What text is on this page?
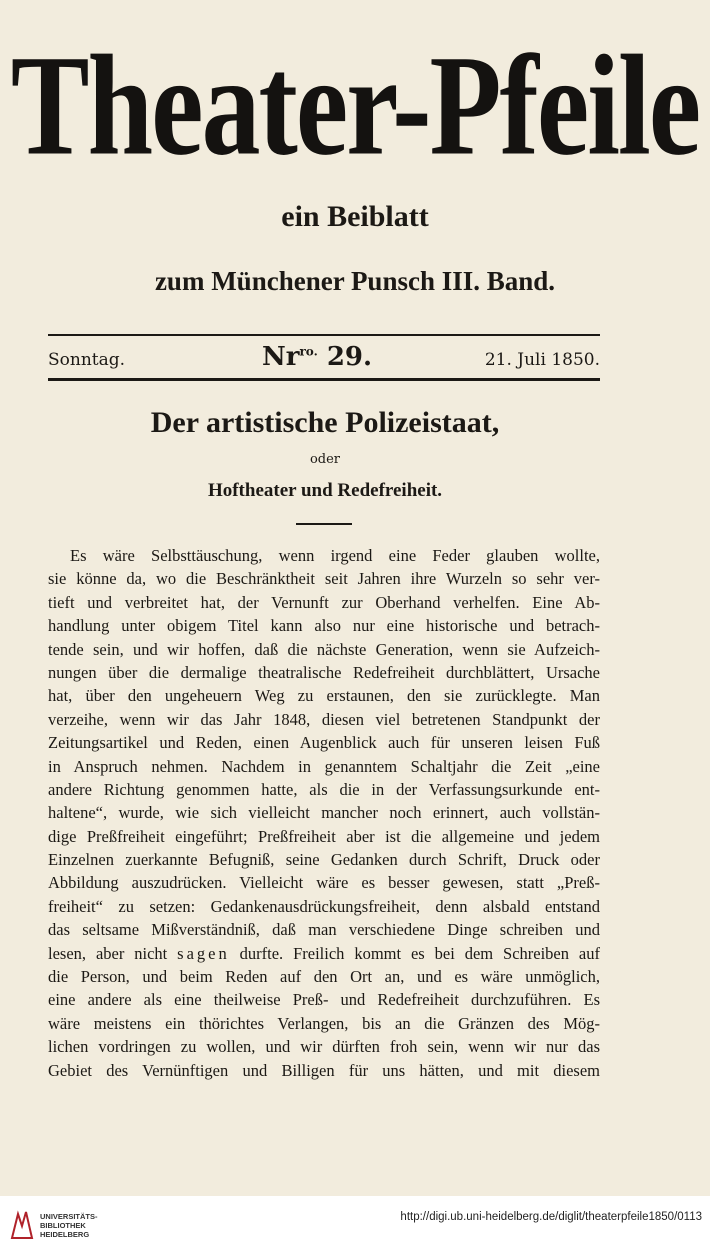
Theater-Pfeile
ein Beiblatt
zum Münchener Punsch III. Band.
Sonntag.	$Nr^{ro.}$ 29.	21. Juli 1850.
Der artistische Polizeistaat,
oder
Hoftheater und Redefreiheit.
Es wäre Selbsttäuschung, wenn irgend eine Feder glauben wollte,
sie könne da, wo die Beschränktheit seit Jahren ihre Wurzeln so sehr ver-
tieft und verbreitet hat, der Vernunft zur Oberhand verhelfen. Eine Ab-
handlung unter obigem Titel kann also nur eine historische und betrach-
tende sein, und wir hoffen, daß die nächste Generation, wenn sie Aufzeich-
nungen über die dermalige theatralische Redefreiheit durchblättert, Ursache
hat, über den ungeheuern Weg zu erstaunen, den sie zurücklegte. Man
verzeihe, wenn wir das Jahr 1848, diesen viel betretenen Standpunkt der
Zeitungsartikel und Reden, einen Augenblick auch für unseren leisen Fuß
in Anspruch nehmen. Nachdem in genanntem Schaltjahr die Zeit „eine
andere Richtung genommen hatte, als die in der Verfassungsurkunde ent-
haltene“, wurde, wie sich vielleicht mancher noch erinnert, auch vollstän-
dige Preßfreiheit eingeführt; Preßfreiheit aber ist die allgemeine und jedem
Einzelnen zuerkannte Befugniß, seine Gedanken durch Schrift, Druck oder
Abbildung auszudrücken. Vielleicht wäre es besser gewesen, statt „Preß-
freiheit“ zu setzen: Gedankenausdrückungsfreiheit, denn alsbald entstand
das seltsame Mißverständniß, daß man verschiedene Dinge schreiben und
lesen, aber nicht sagen durfte. Freilich kommt es bei dem Schreiben auf
die Person, und beim Reden auf den Ort an, und es wäre unmöglich,
eine andere als eine theilweise Preß- und Redefreiheit durchzuführen. Es
wäre meistens ein thörichtes Verlangen, bis an die Gränzen des Mög-
lichen vordringen zu wollen, und wir dürften froh sein, wenn wir nur das
Gebiet des Vernünftigen und Billigen für uns hätten, und mit diesem
UNIVERSITÄTS-
BIBLIOTHEK
HEIDELBERG
http://digi.ub.uni-heidelberg.de/diglit/theaterpfeile1850/0113
